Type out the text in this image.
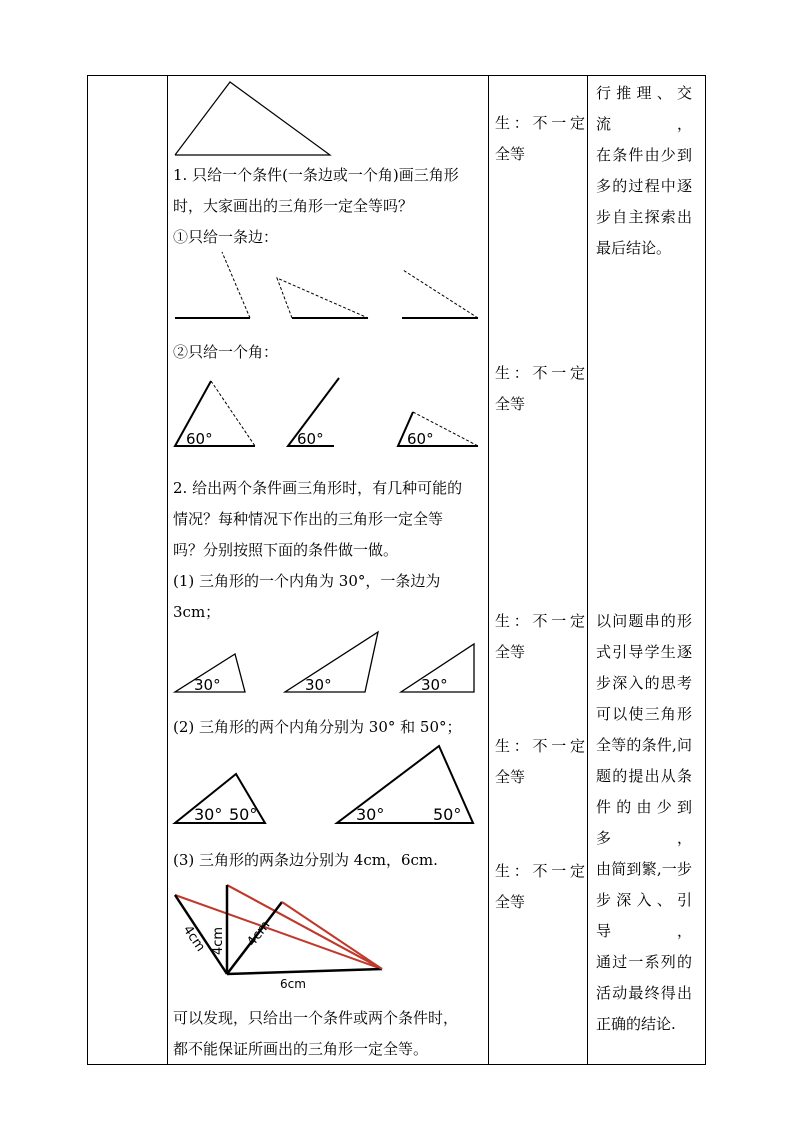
1. 只给一个条件(一条边或一个角)画三角形
时，大家画出的三角形一定全等吗？
①只给一条边：
②只给一个角：
60°	60°	60°
2. 给出两个条件画三角形时，有几种可能的
情况？每种情况下作出的三角形一定全等
吗？分别按照下面的条件做一做。
(1) 三角形的一个内角为 30°，一条边为
3cm；
30°	30°	30°
(2) 三角形的两个内角分别为 30° 和 50°；
30° 50°	30°	50°
(3) 三角形的两条边分别为 4cm，6cm.
4cm 4cm 4cm
6cm
可以发现，只给出一个条件或两个条件时，
都不能保证所画出的三角形一定全等。
生：不一定
全等
生：不一定
全等
生：不一定
全等
生：不一定
全等
生：不一定
全等
行推理、交流，
在条件由少到
多的过程中逐
步自主探索出
最后结论。
以问题串的形
式引导学生逐
步深入的思考
可以使三角形
全等的条件,问
题的提出从条
件的由少到多，
由简到繁,一步
步深入、引导，
通过一系列的
活动最终得出
正确的结论.
